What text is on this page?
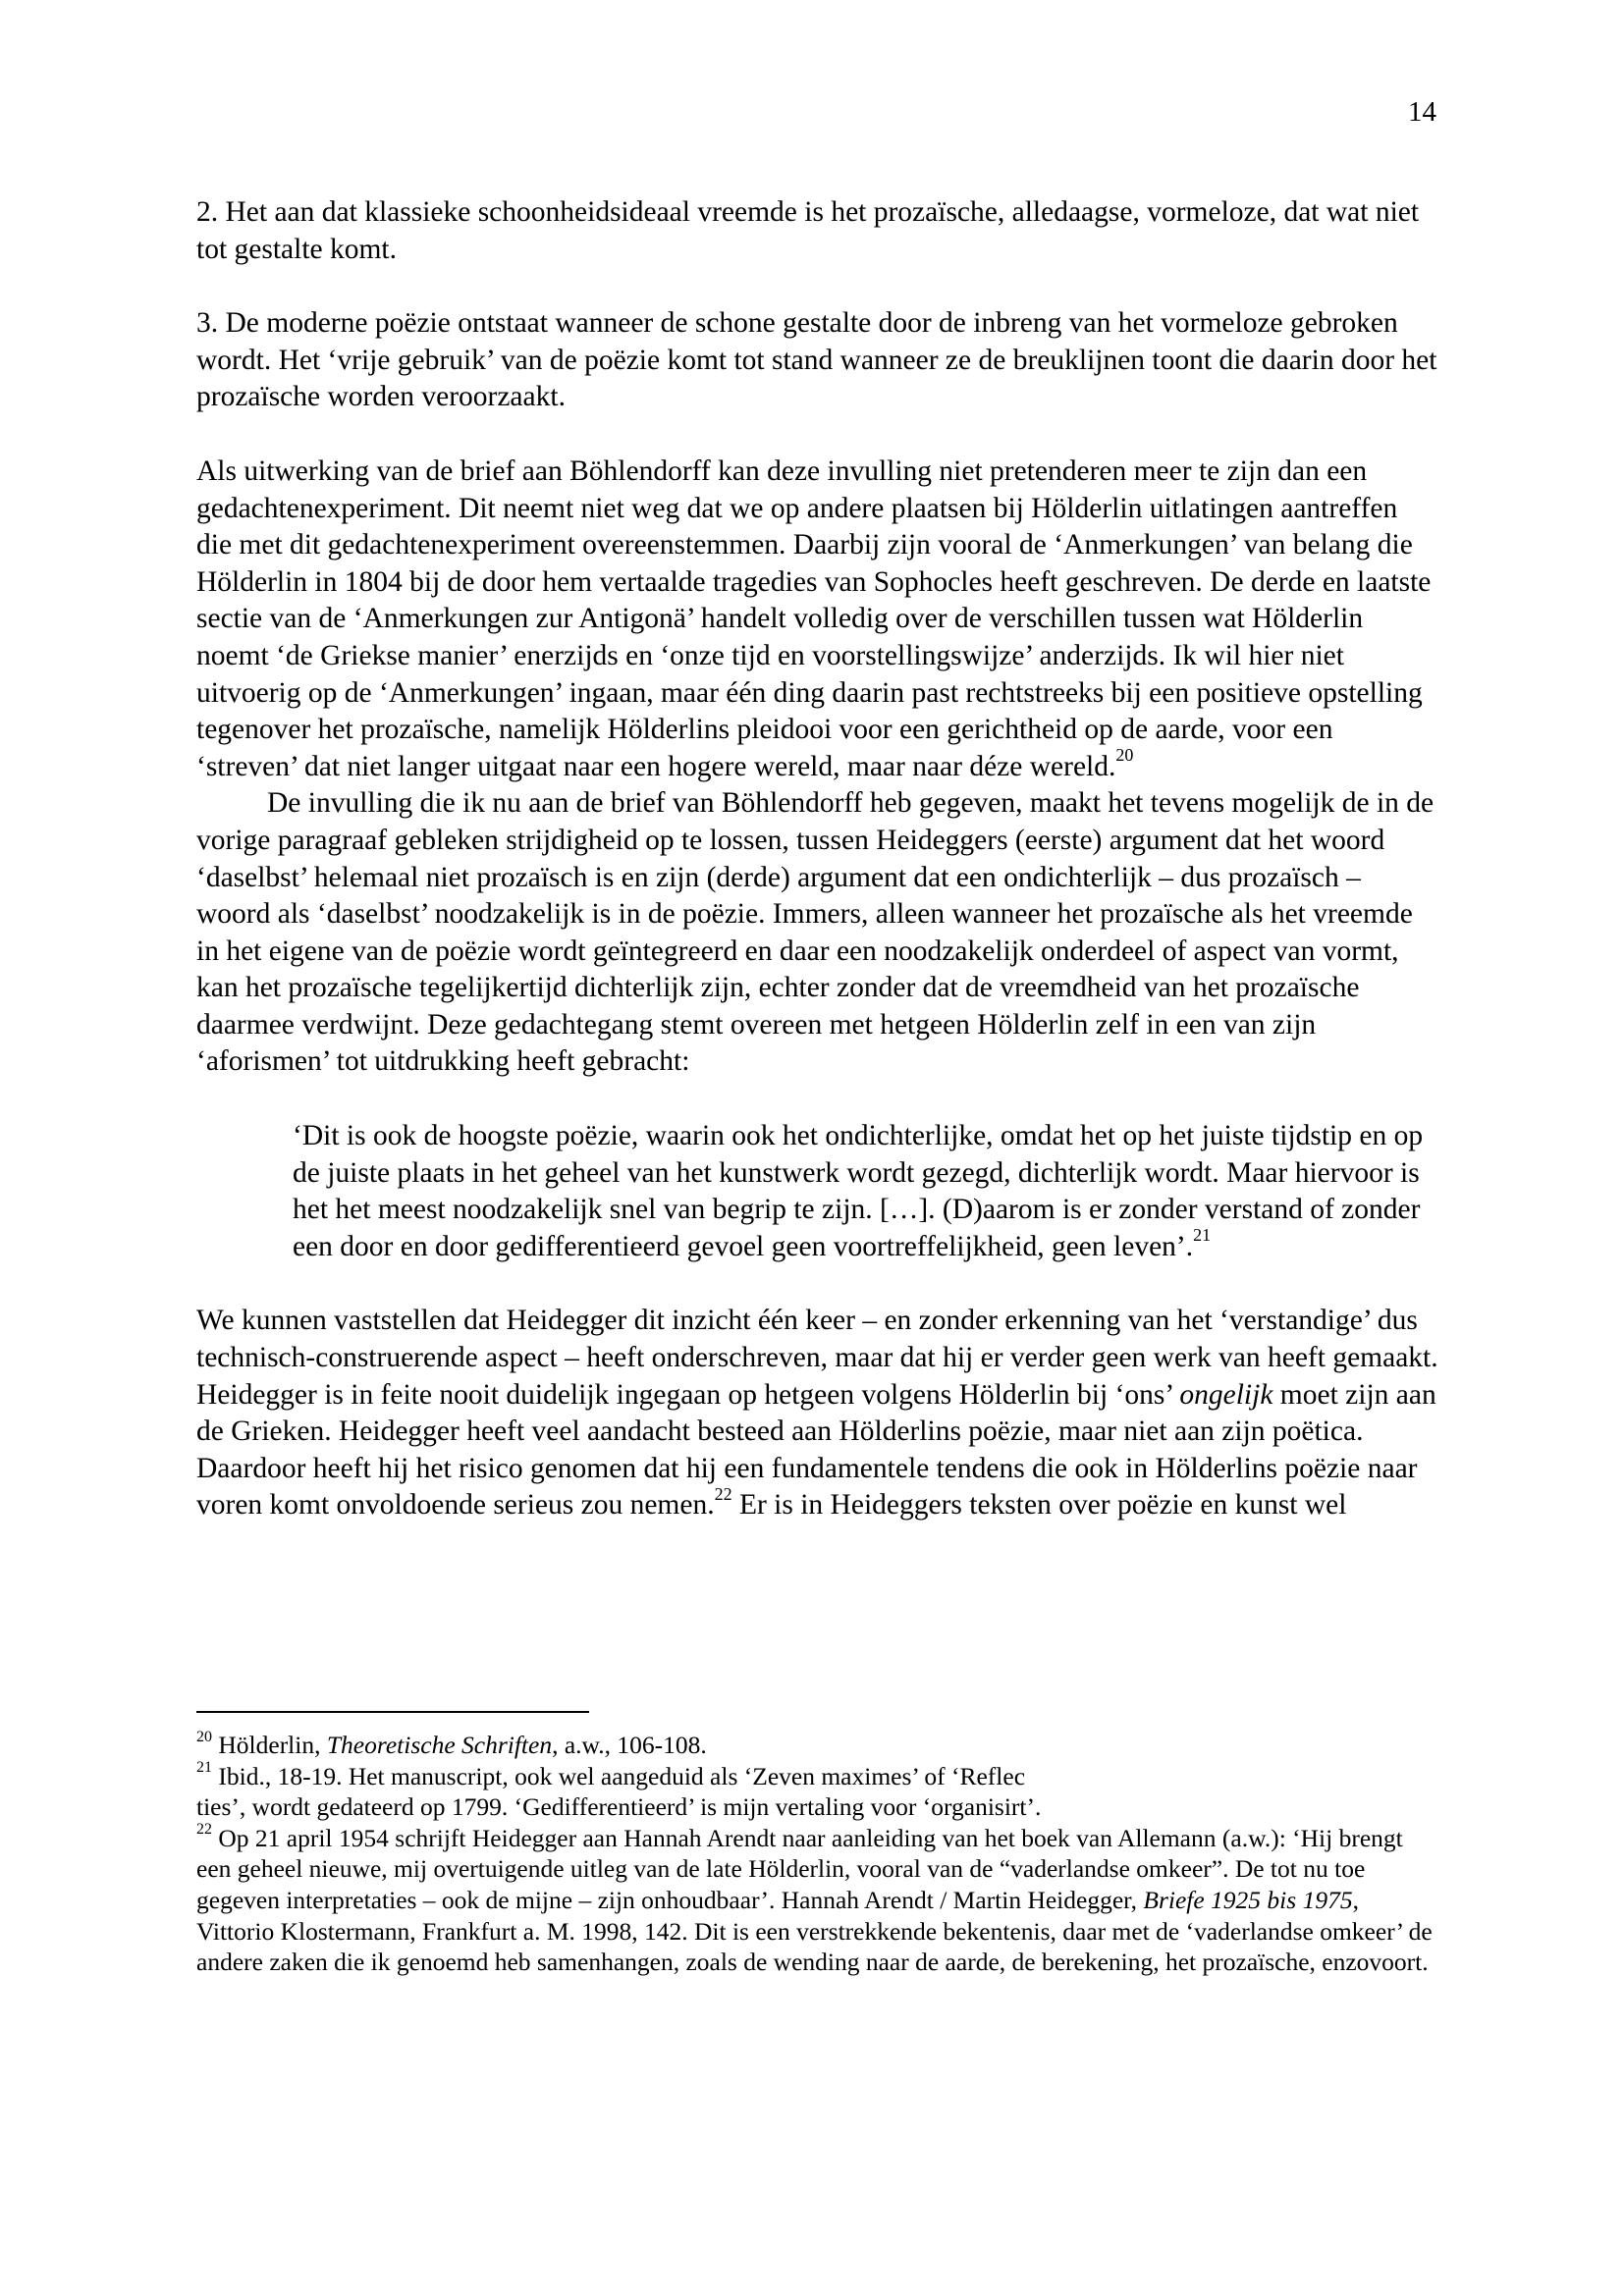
14

2. Het aan dat klassieke schoonheidsideaal vreemde is het prozaïsche, alledaagse, vormeloze, dat wat niet tot gestalte komt.

3. De moderne poëzie ontstaat wanneer de schone gestalte door de inbreng van het vormeloze gebroken wordt. Het ‘vrije gebruik’ van de poëzie komt tot stand wanneer ze de breuklijnen toont die daarin door het prozaïsche worden veroorzaakt.

Als uitwerking van de brief aan Böhlendorff kan deze invulling niet pretenderen meer te zijn dan een gedachtenexperiment. Dit neemt niet weg dat we op andere plaatsen bij Hölderlin uitlatingen aantreffen die met dit gedachtenexperiment overeenstemmen. Daarbij zijn vooral de ‘Anmerkungen’ van belang die Hölderlin in 1804 bij de door hem vertaalde tragedies van Sophocles heeft geschreven. De derde en laatste sectie van de ‘Anmerkungen zur Antigonä’ handelt volledig over de verschillen tussen wat Hölderlin noemt ‘de Griekse manier’ enerzijds en ‘onze tijd en voorstellingswijze’ anderzijds. Ik wil hier niet uitvoerig op de ‘Anmerkungen’ ingaan, maar één ding daarin past rechtstreeks bij een positieve opstelling tegenover het prozaïsche, namelijk Hölderlins pleidooi voor een gerichtheid op de aarde, voor een ‘streven’ dat niet langer uitgaat naar een hogere wereld, maar naar déze wereld.$^{20}$

De invulling die ik nu aan de brief van Böhlendorff heb gegeven, maakt het tevens mogelijk de in de vorige paragraaf gebleken strijdigheid op te lossen, tussen Heideggers (eerste) argument dat het woord ‘daselbst’ helemaal niet prozaïsch is en zijn (derde) argument dat een ondichterlijk – dus prozaïsch – woord als ‘daselbst’ noodzakelijk is in de poëzie. Immers, alleen wanneer het prozaïsche als het vreemde in het eigene van de poëzie wordt geïntegreerd en daar een noodzakelijk onderdeel of aspect van vormt, kan het prozaïsche tegelijkertijd dichterlijk zijn, echter zonder dat de vreemdheid van het prozaïsche daarmee verdwijnt. Deze gedachtegang stemt overeen met hetgeen Hölderlin zelf in een van zijn ‘aforismen’ tot uitdrukking heeft gebracht:

‘Dit is ook de hoogste poëzie, waarin ook het ondichterlijke, omdat het op het juiste tijdstip en op de juiste plaats in het geheel van het kunstwerk wordt gezegd, dichterlijk wordt. Maar hiervoor is het het meest noodzakelijk snel van begrip te zijn. […]. (D)aarom is er zonder verstand of zonder een door en door gedifferentieerd gevoel geen voortreffelijkheid, geen leven’.$^{21}$

We kunnen vaststellen dat Heidegger dit inzicht één keer – en zonder erkenning van het ‘verstandige’ dus technisch-construerende aspect – heeft onderschreven, maar dat hij er verder geen werk van heeft gemaakt. Heidegger is in feite nooit duidelijk ingegaan op hetgeen volgens Hölderlin bij ‘ons’ ongelijk moet zijn aan de Grieken. Heidegger heeft veel aandacht besteed aan Hölderlins poëzie, maar niet aan zijn poëtica. Daardoor heeft hij het risico genomen dat hij een fundamentele tendens die ook in Hölderlins poëzie naar voren komt onvoldoende serieus zou nemen.$^{22}$ Er is in Heideggers teksten over poëzie en kunst wel

$^{20}$ Hölderlin, Theoretische Schriften, a.w., 106-108.

$^{21}$ Ibid., 18-19. Het manuscript, ook wel aangeduid als ‘Zeven maximes’ of ‘Reflec
ties’, wordt gedateerd op 1799. ‘Gedifferentieerd’ is mijn vertaling voor ‘organisirt’.

$^{22}$ Op 21 april 1954 schrijft Heidegger aan Hannah Arendt naar aanleiding van het boek van Allemann (a.w.): ‘Hij brengt een geheel nieuwe, mij overtuigende uitleg van de late Hölderlin, vooral van de “vaderlandse omkeer”. De tot nu toe gegeven interpretaties – ook de mijne – zijn onhoudbaar’. Hannah Arendt / Martin Heidegger, Briefe 1925 bis 1975, Vittorio Klostermann, Frankfurt a. M. 1998, 142. Dit is een verstrekkende bekentenis, daar met de ‘vaderlandse omkeer’ de andere zaken die ik genoemd heb samenhangen, zoals de wending naar de aarde, de berekening, het prozaïsche, enzovoort.
